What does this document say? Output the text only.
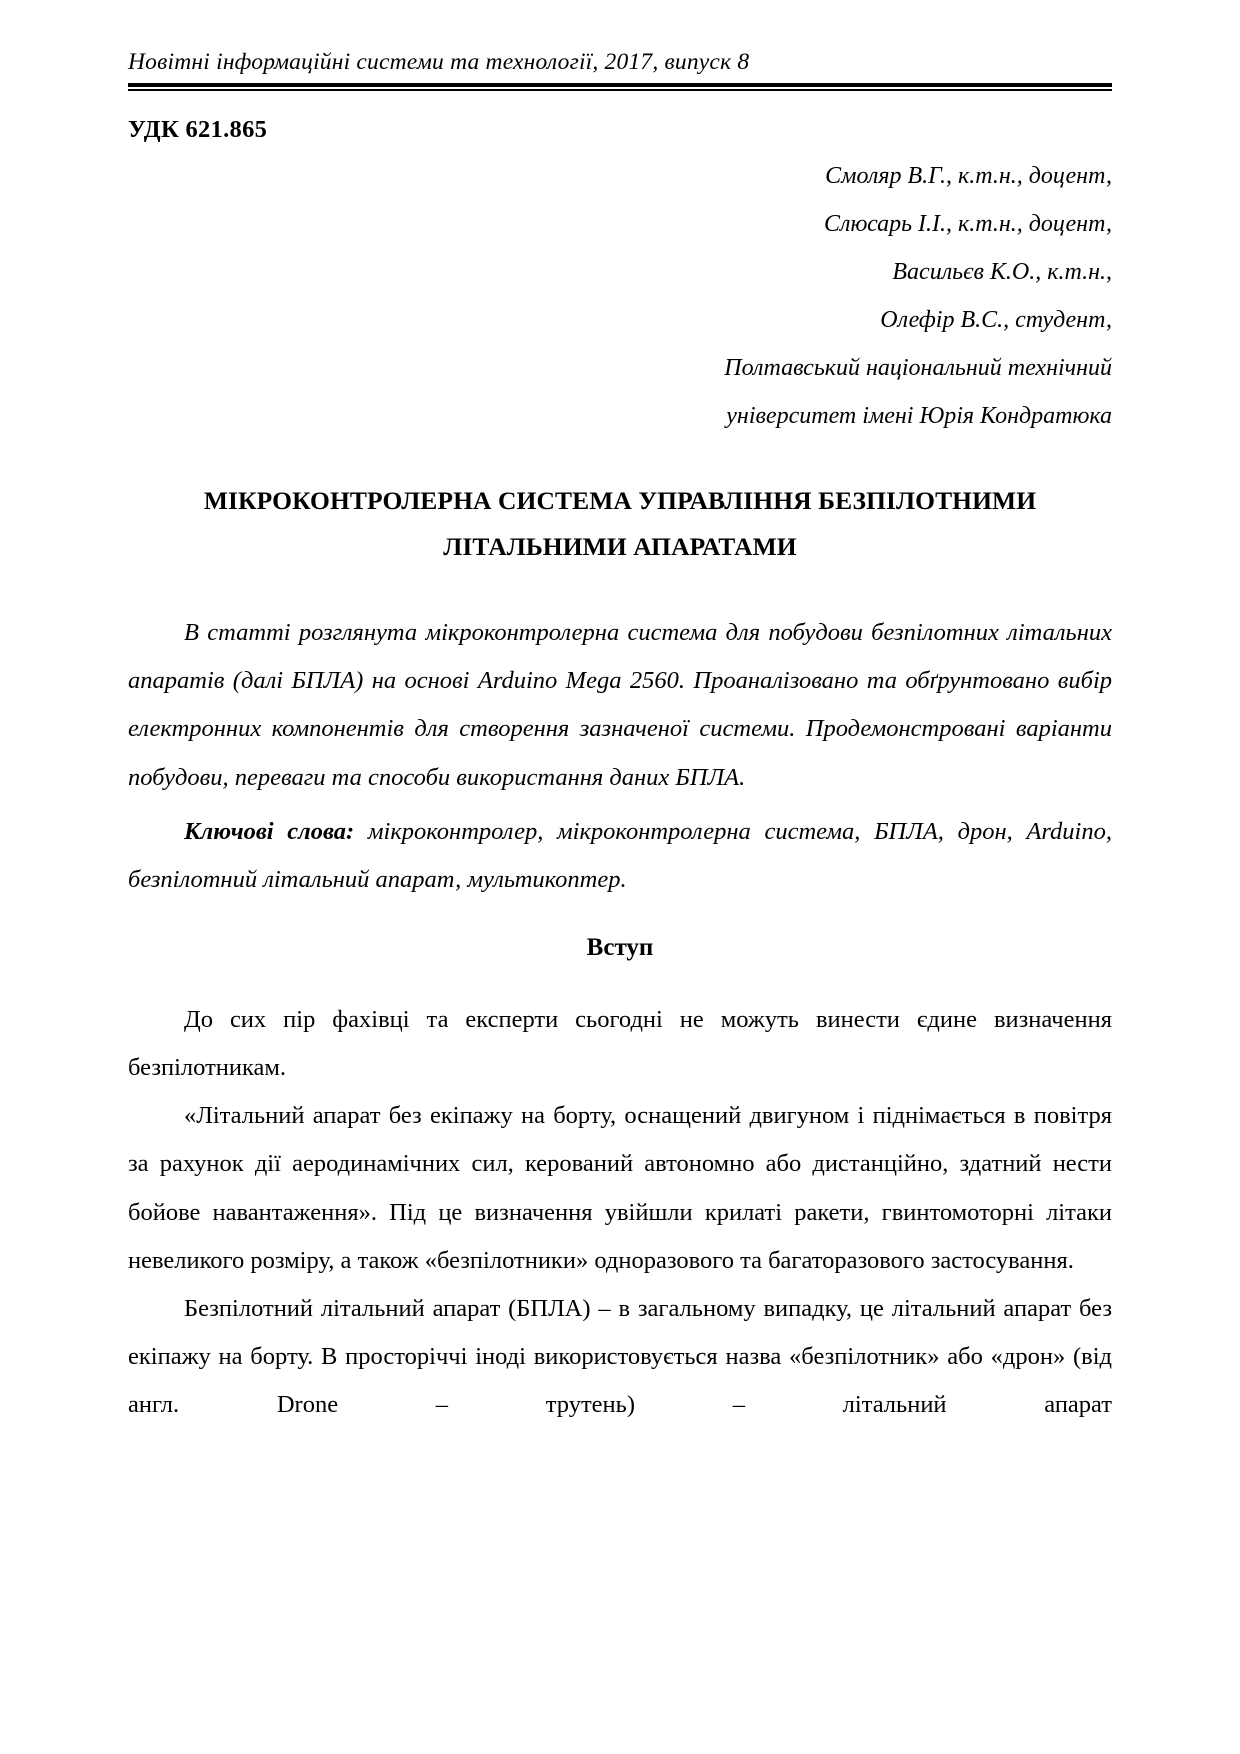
Новітні інформаційні системи та технології, 2017, випуск 8
УДК 621.865
Смоляр В.Г., к.т.н., доцент,
Слюсарь І.І., к.т.н., доцент,
Васильєв К.О., к.т.н.,
Олефір В.С., студент,
Полтавський національний технічний
університет імені Юрія Кондратюка
МІКРОКОНТРОЛЕРНА СИСТЕМА УПРАВЛІННЯ БЕЗПІЛОТНИМИ
ЛІТАЛЬНИМИ АПАРАТАМИ
В статті розглянута мікроконтролерна система для побудови безпілотних літальних апаратів (далі БПЛА) на основі Arduino Mega 2560. Проаналізовано та обґрунтовано вибір електронних компонентів для створення зазначеної системи. Продемонстровані варіанти побудови, переваги та способи використання даних БПЛА.
Ключові слова: мікроконтролер, мікроконтролерна система, БПЛА, дрон, Arduino, безпілотний літальний апарат, мультикоптер.
Вступ

До сих пір фахівці та експерти сьогодні не можуть винести єдине визначення безпілотникам.

«Літальний апарат без екіпажу на борту, оснащений двигуном і піднімається в повітря за рахунок дії аеродинамічних сил, керований автономно або дистанційно, здатний нести бойове навантаження». Під це визначення увійшли крилаті ракети, гвинтомоторні літаки невеликого розміру, а також «безпілотники» одноразового та багаторазового застосування.

Безпілотний літальний апарат (БПЛА) – в загальному випадку, це літальний апарат без екіпажу на борту. В просторіччі іноді використовується назва «безпілотник» або «дрон» (від англ. Drone – трутень) – літальний апарат
